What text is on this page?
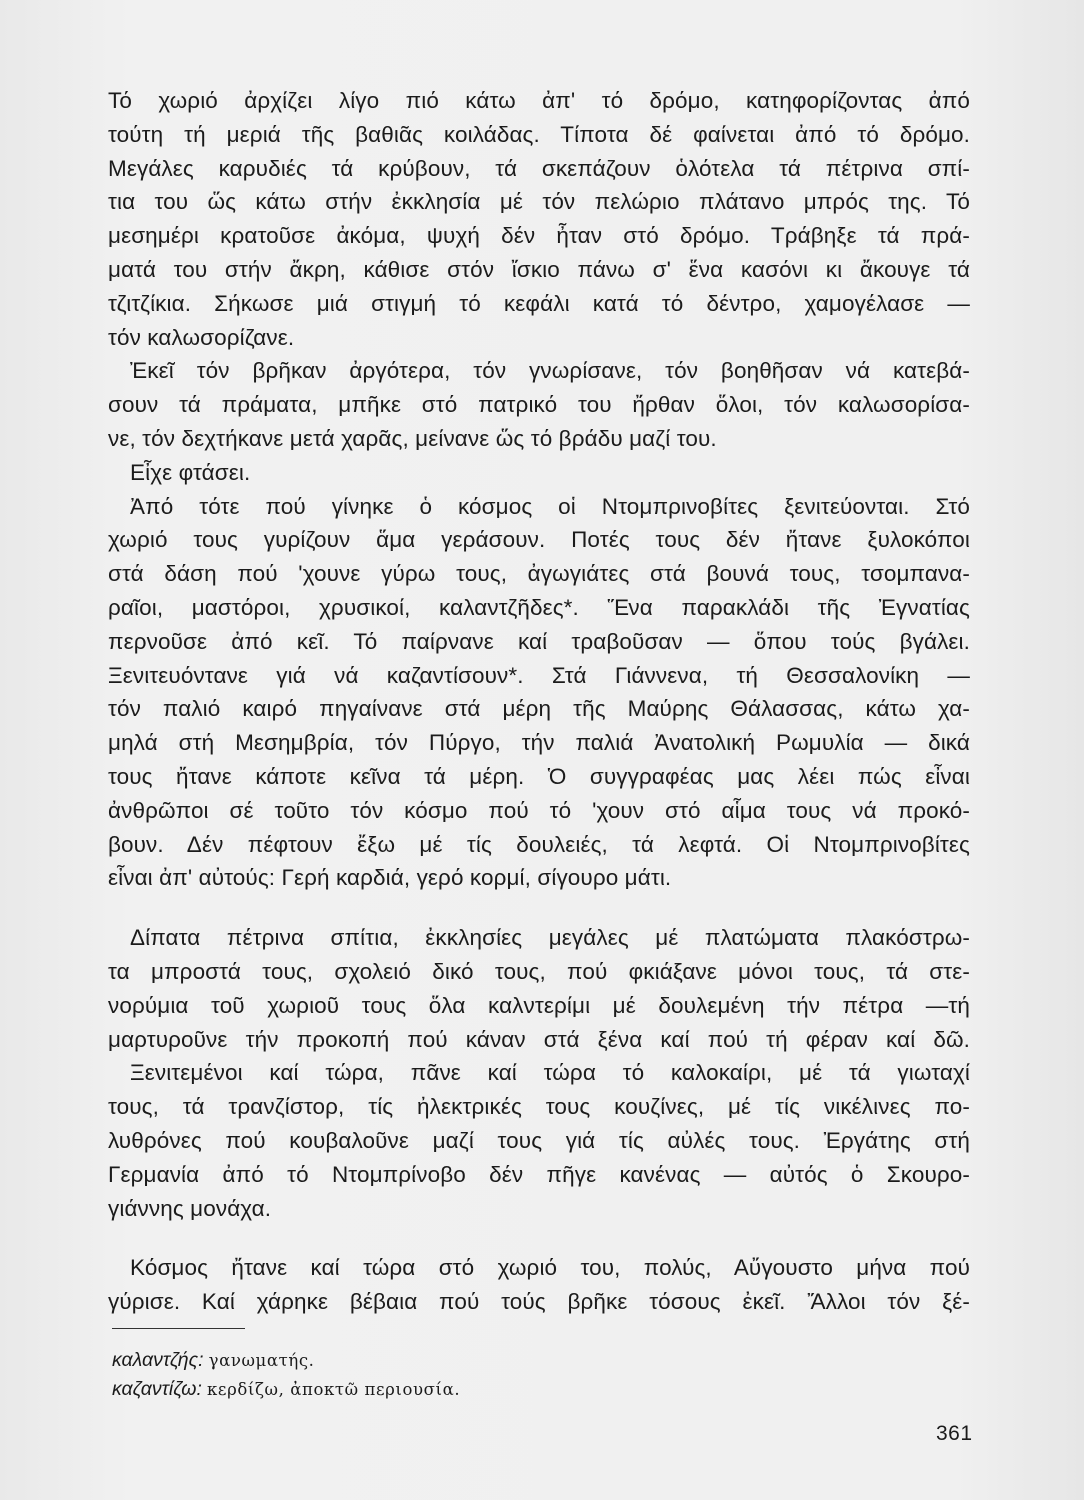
Τό χωριό ἀρχίζει λίγο πιό κάτω ἀπ' τό δρόμο, κατηφορίζοντας ἀπό
τούτη τή μεριά τῆς βαθιᾶς κοιλάδας. Τίποτα δέ φαίνεται ἀπό τό δρόμο.
Μεγάλες καρυδιές τά κρύβουν, τά σκεπάζουν ὁλότελα τά πέτρινα σπί-
τια του ὥς κάτω στήν ἐκκλησία μέ τόν πελώριο πλάτανο μπρός της. Τό
μεσημέρι κρατοῦσε ἀκόμα, ψυχή δέν ἦταν στό δρόμο. Τράβηξε τά πρά-
ματά του στήν ἄκρη, κάθισε στόν ἴσκιο πάνω σ' ἕνα κασόνι κι ἄκουγε τά
τζιτζίκια. Σήκωσε μιά στιγμή τό κεφάλι κατά τό δέντρο, χαμογέλασε —
τόν καλωσορίζανε.
Ἐκεῖ τόν βρῆκαν ἀργότερα, τόν γνωρίσανε, τόν βοηθῆσαν νά κατεβά-
σουν τά πράματα, μπῆκε στό πατρικό του ἤρθαν ὅλοι, τόν καλωσορίσα-
νε, τόν δεχτήκανε μετά χαρᾶς, μείνανε ὥς τό βράδυ μαζί του.
Εἶχε φτάσει.
Ἀπό τότε πού γίνηκε ὁ κόσμος οἱ Ντομπρινοβίτες ξενιτεύονται. Στό
χωριό τους γυρίζουν ἅμα γεράσουν. Ποτές τους δέν ἤτανε ξυλοκόποι
στά δάση πού 'χουνε γύρω τους, ἀγωγιάτες στά βουνά τους, τσομπανα-
ραῖοι, μαστόροι, χρυσικοί, καλαντζῆδες*. Ἕνα παρακλάδι τῆς Ἐγνατίας
περνοῦσε ἀπό κεῖ. Τό παίρνανε καί τραβοῦσαν — ὅπου τούς βγάλει.
Ξενιτευόντανε γιά νά καζαντίσουν*. Στά Γιάννενα, τή Θεσσαλονίκη —
τόν παλιό καιρό πηγαίνανε στά μέρη τῆς Μαύρης Θάλασσας, κάτω χα-
μηλά στή Μεσημβρία, τόν Πύργο, τήν παλιά Ἀνατολική Ρωμυλία — δικά
τους ἤτανε κάποτε κεῖνα τά μέρη. Ὁ συγγραφέας μας λέει πώς εἶναι
ἀνθρῶποι σέ τοῦτο τόν κόσμο πού τό 'χουν στό αἷμα τους νά προκό-
βουν. Δέν πέφτουν ἔξω μέ τίς δουλειές, τά λεφτά. Οἱ Ντομπρινοβίτες
εἶναι ἀπ' αὐτούς: Γερή καρδιά, γερό κορμί, σίγουρο μάτι.
Δίπατα πέτρινα σπίτια, ἐκκλησίες μεγάλες μέ πλατώματα πλακόστρω-
τα μπροστά τους, σχολειό δικό τους, πού φκιάξανε μόνοι τους, τά στε-
νορύμια τοῦ χωριοῦ τους ὅλα καλντερίμι μέ δουλεμένη τήν πέτρα —τή
μαρτυροῦνε τήν προκοπή πού κάναν στά ξένα καί πού τή φέραν καί δῶ.
Ξενιτεμένοι καί τώρα, πᾶνε καί τώρα τό καλοκαίρι, μέ τά γιωταχί
τους, τά τρανζίστορ, τίς ἠλεκτρικές τους κουζίνες, μέ τίς νικέλινες πο-
λυθρόνες πού κουβαλοῦνε μαζί τους γιά τίς αὐλές τους. Ἐργάτης στή
Γερμανία ἀπό τό Ντομπρίνοβο δέν πῆγε κανένας — αὐτός ὁ Σκουρο-
γιάννης μονάχα.
Κόσμος ἤτανε καί τώρα στό χωριό του, πολύς, Αὔγουστο μήνα πού
γύρισε. Καί χάρηκε βέβαια πού τούς βρῆκε τόσους ἐκεῖ. Ἄλλοι τόν ξέ-
καλαντζής: γανωματής.
καζαντίζω: κερδίζω, ἀποκτῶ περιουσία.
361
